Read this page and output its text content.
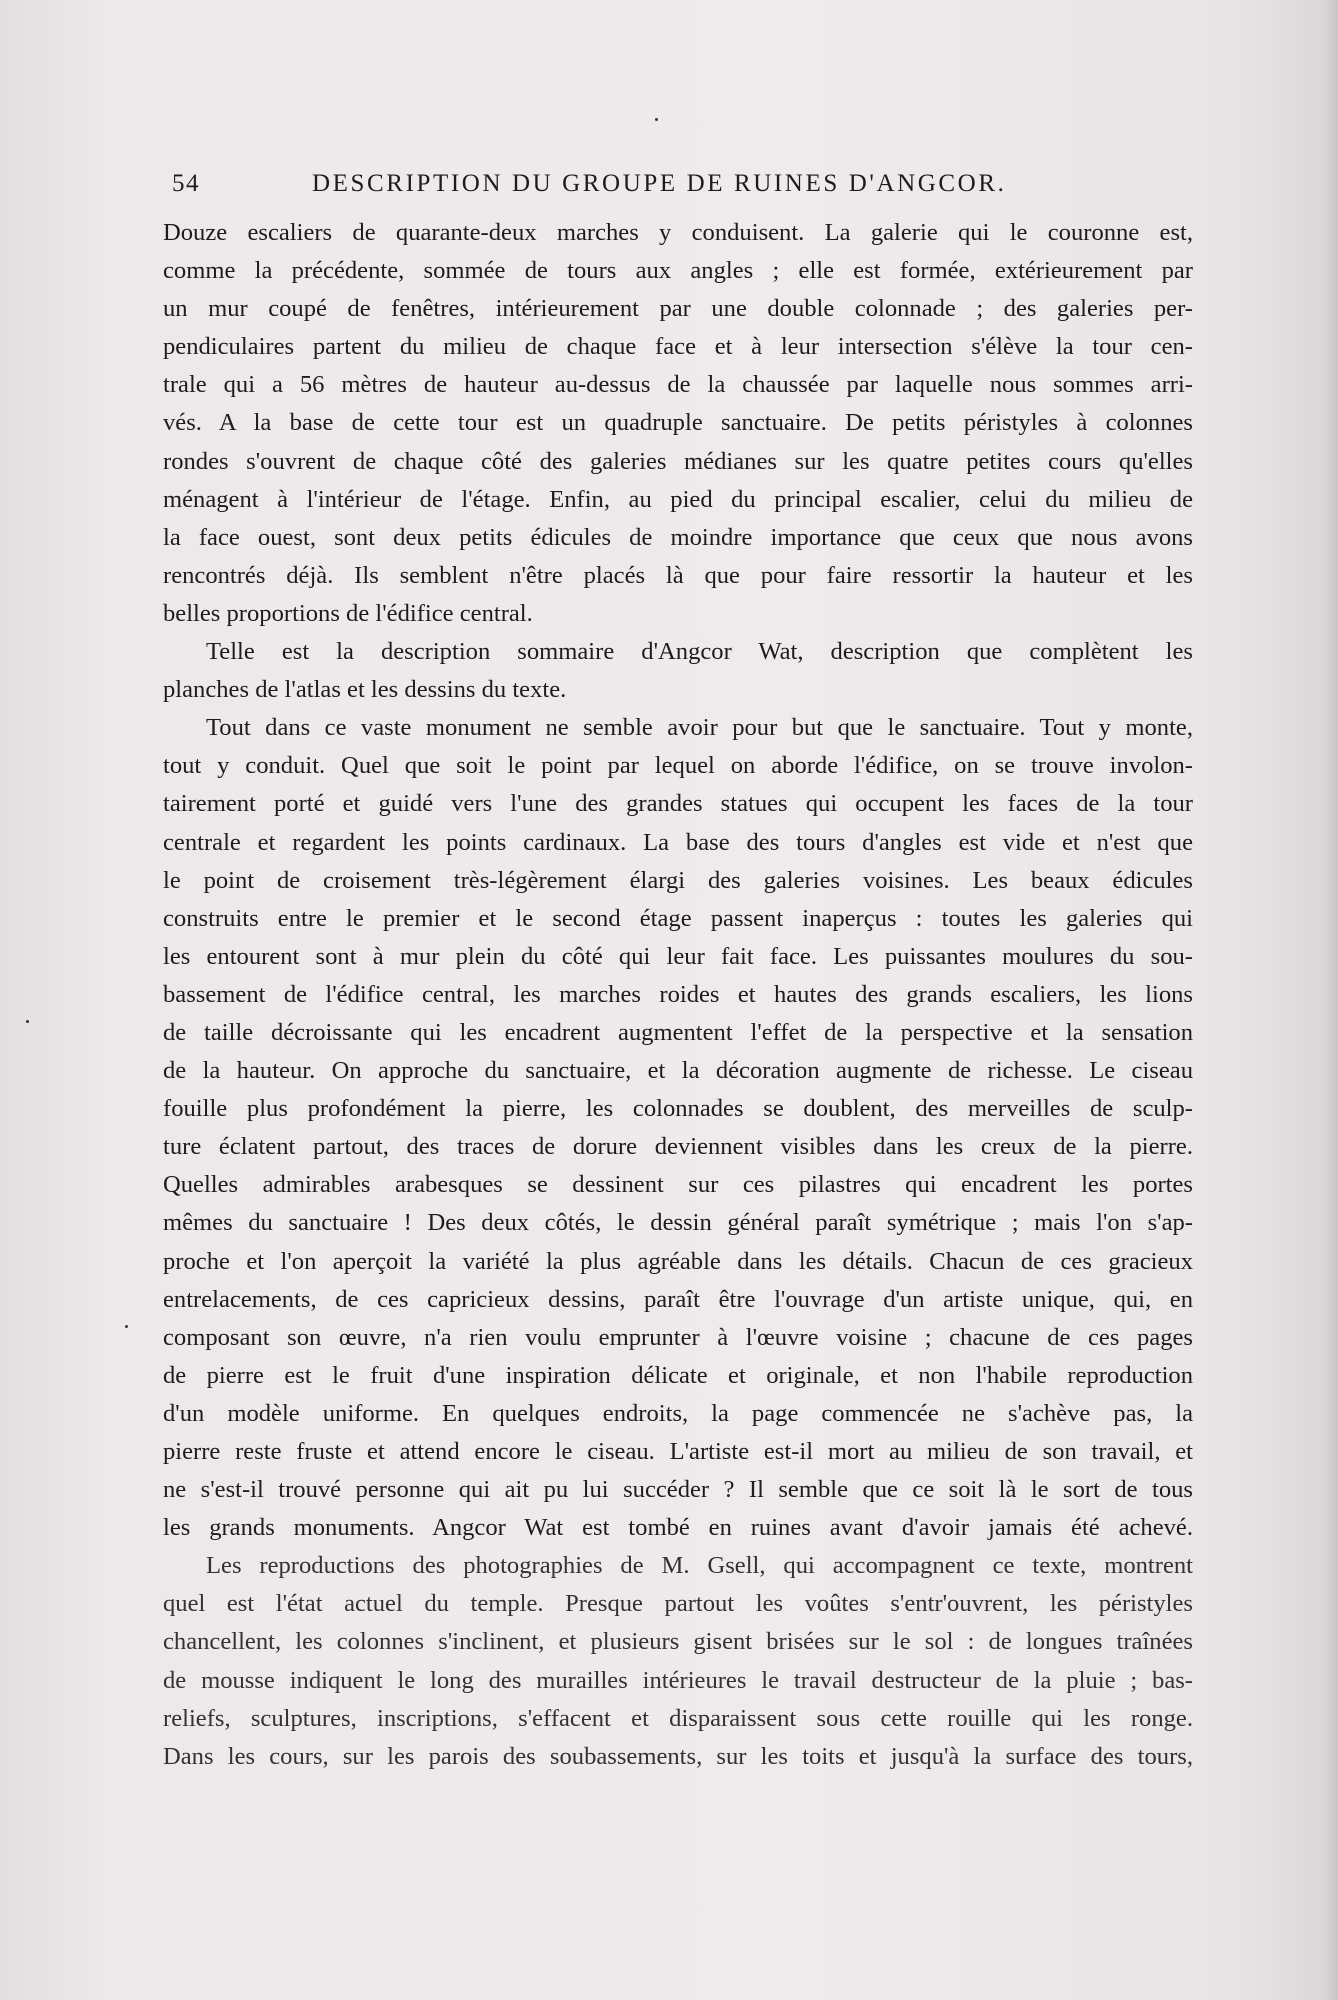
54	DESCRIPTION DU GROUPE DE RUINES D'ANGCOR.
Douze escaliers de quarante-deux marches y conduisent. La galerie qui le couronne est,
comme la précédente, sommée de tours aux angles ; elle est formée, extérieurement par
un mur coupé de fenêtres, intérieurement par une double colonnade ; des galeries per-
pendiculaires partent du milieu de chaque face et à leur intersection s'élève la tour cen-
trale qui a 56 mètres de hauteur au-dessus de la chaussée par laquelle nous sommes arri-
vés. A la base de cette tour est un quadruple sanctuaire. De petits péristyles à colonnes
rondes s'ouvrent de chaque côté des galeries médianes sur les quatre petites cours qu'elles
ménagent à l'intérieur de l'étage. Enfin, au pied du principal escalier, celui du milieu de
la face ouest, sont deux petits édicules de moindre importance que ceux que nous avons
rencontrés déjà. Ils semblent n'être placés là que pour faire ressortir la hauteur et les
belles proportions de l'édifice central.
Telle est la description sommaire d'Angcor Wat, description que complètent les
planches de l'atlas et les dessins du texte.
Tout dans ce vaste monument ne semble avoir pour but que le sanctuaire. Tout y monte,
tout y conduit. Quel que soit le point par lequel on aborde l'édifice, on se trouve involon-
tairement porté et guidé vers l'une des grandes statues qui occupent les faces de la tour
centrale et regardent les points cardinaux. La base des tours d'angles est vide et n'est que
le point de croisement très-légèrement élargi des galeries voisines. Les beaux édicules
construits entre le premier et le second étage passent inaperçus : toutes les galeries qui
les entourent sont à mur plein du côté qui leur fait face. Les puissantes moulures du sou-
bassement de l'édifice central, les marches roides et hautes des grands escaliers, les lions
de taille décroissante qui les encadrent augmentent l'effet de la perspective et la sensation
de la hauteur. On approche du sanctuaire, et la décoration augmente de richesse. Le ciseau
fouille plus profondément la pierre, les colonnades se doublent, des merveilles de sculp-
ture éclatent partout, des traces de dorure deviennent visibles dans les creux de la pierre.
Quelles admirables arabesques se dessinent sur ces pilastres qui encadrent les portes
mêmes du sanctuaire ! Des deux côtés, le dessin général paraît symétrique ; mais l'on s'ap-
proche et l'on aperçoit la variété la plus agréable dans les détails. Chacun de ces gracieux
entrelacements, de ces capricieux dessins, paraît être l'ouvrage d'un artiste unique, qui, en
composant son œuvre, n'a rien voulu emprunter à l'œuvre voisine ; chacune de ces pages
de pierre est le fruit d'une inspiration délicate et originale, et non l'habile reproduction
d'un modèle uniforme. En quelques endroits, la page commencée ne s'achève pas, la
pierre reste fruste et attend encore le ciseau. L'artiste est-il mort au milieu de son travail, et
ne s'est-il trouvé personne qui ait pu lui succéder ? Il semble que ce soit là le sort de tous
les grands monuments. Angcor Wat est tombé en ruines avant d'avoir jamais été achevé.
Les reproductions des photographies de M. Gsell, qui accompagnent ce texte, montrent
quel est l'état actuel du temple. Presque partout les voûtes s'entr'ouvrent, les péristyles
chancellent, les colonnes s'inclinent, et plusieurs gisent brisées sur le sol : de longues traînées
de mousse indiquent le long des murailles intérieures le travail destructeur de la pluie ; bas-
reliefs, sculptures, inscriptions, s'effacent et disparaissent sous cette rouille qui les ronge.
Dans les cours, sur les parois des soubassements, sur les toits et jusqu'à la surface des tours,
